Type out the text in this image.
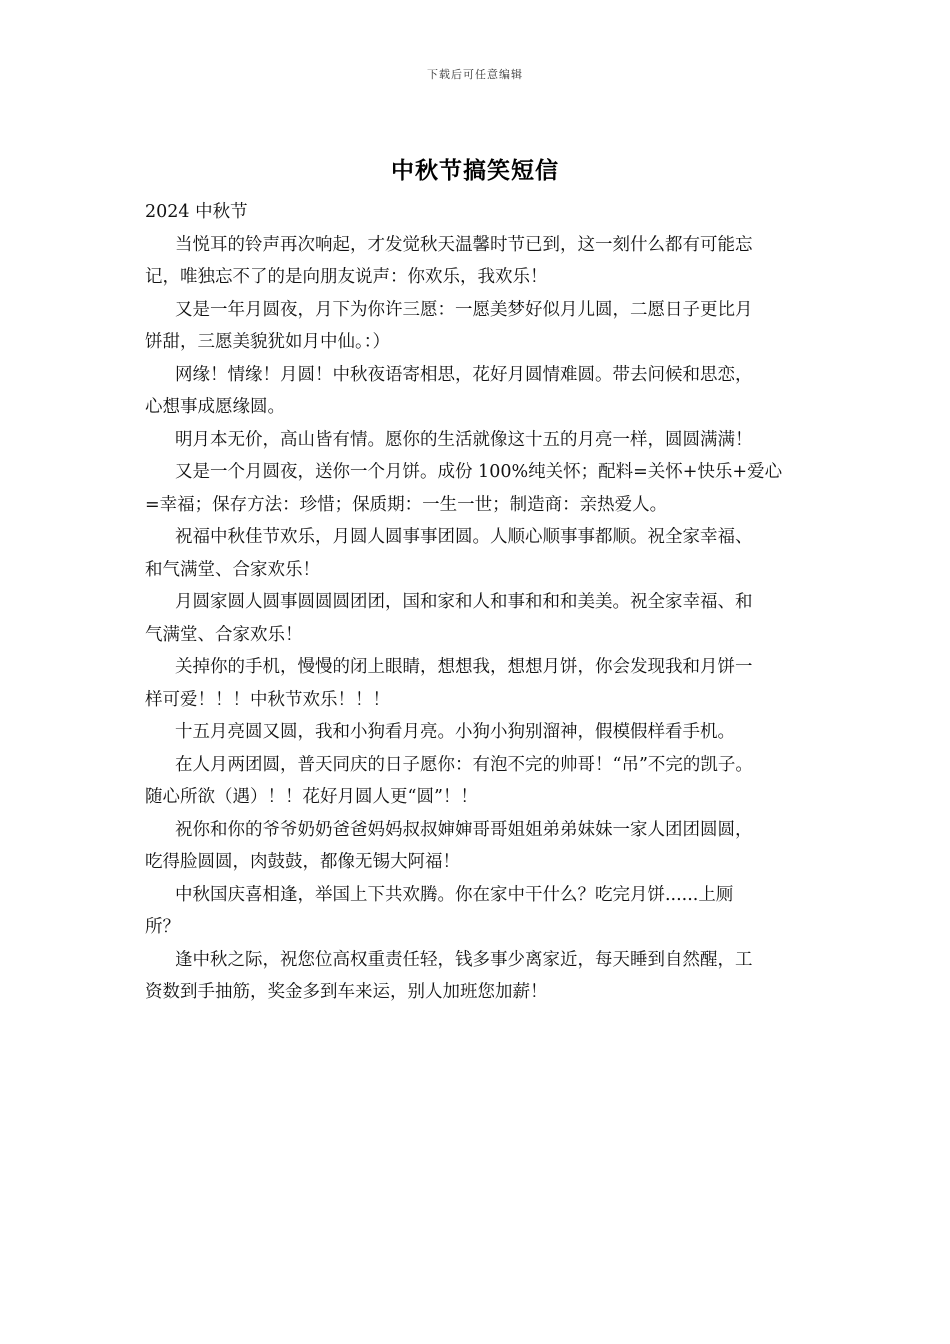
下载后可任意编辑
中秋节搞笑短信

2024 中秋节

当悦耳的铃声再次响起，才发觉秋天温馨时节已到，这一刻什么都有可能忘
记，唯独忘不了的是向朋友说声：你欢乐，我欢乐！
又是一年月圆夜，月下为你许三愿：一愿美梦好似月儿圆，二愿日子更比月
饼甜，三愿美貌犹如月中仙。：）
网缘！情缘！月圆！中秋夜语寄相思，花好月圆情难圆。带去问候和思恋，
心想事成愿缘圆。
明月本无价，高山皆有情。愿你的生活就像这十五的月亮一样，圆圆满满！
又是一个月圆夜，送你一个月饼。成份 100%纯关怀；配料=关怀+快乐+爱心
=幸福；保存方法：珍惜；保质期：一生一世；制造商：亲热爱人。
祝福中秋佳节欢乐，月圆人圆事事团圆。人顺心顺事事都顺。祝全家幸福、
和气满堂、合家欢乐！
月圆家圆人圆事圆圆圆团团，国和家和人和事和和和美美。祝全家幸福、和
气满堂、合家欢乐！
关掉你的手机，慢慢的闭上眼睛，想想我，想想月饼，你会发现我和月饼一
样可爱！！！中秋节欢乐！！！
十五月亮圆又圆，我和小狗看月亮。小狗小狗别溜神，假模假样看手机。
在人月两团圆，普天同庆的日子愿你：有泡不完的帅哥！“吊”不完的凯子。
随心所欲（遇）！！花好月圆人更“圆”！！
祝你和你的爷爷奶奶爸爸妈妈叔叔婶婶哥哥姐姐弟弟妹妹一家人团团圆圆，
吃得脸圆圆，肉鼓鼓，都像无锡大阿福！
中秋国庆喜相逢，举国上下共欢腾。你在家中干什么？吃完月饼......上厕
所？
逢中秋之际，祝您位高权重责任轻，钱多事少离家近，每天睡到自然醒，工
资数到手抽筋，奖金多到车来运，别人加班您加薪！
